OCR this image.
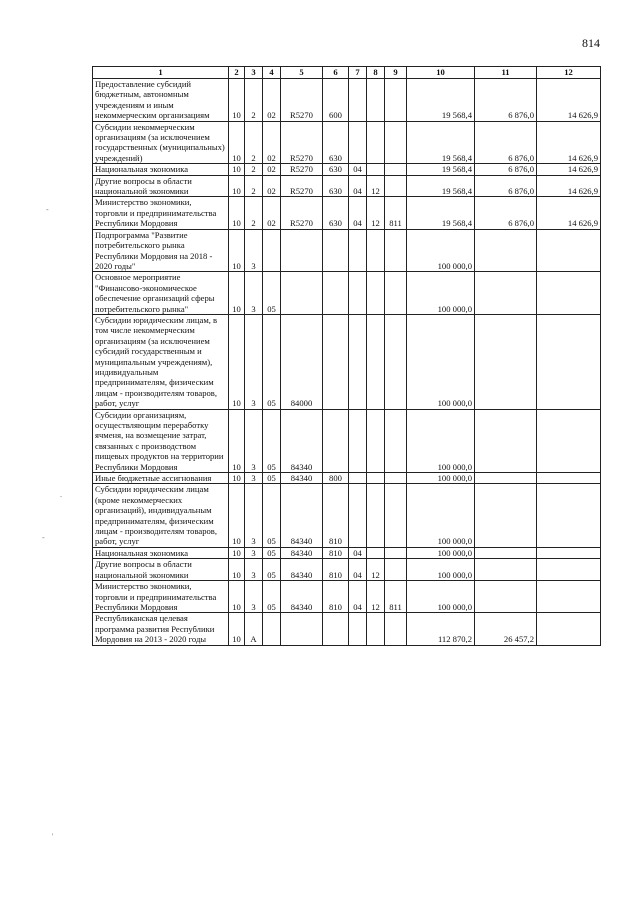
814
-
.
-
'
1	2	3	4	5	6	7	8	9	10	11	12
Предоставление субсидий бюджетным, автономным учреждениям и иным некоммерческим организациям	10	2	02	R5270	600				19 568,4	6 876,0	14 626,9
Субсидии некоммерческим организациям (за исключением государственных (муниципальных) учреждений)	10	2	02	R5270	630				19 568,4	6 876,0	14 626,9
Национальная экономика	10	2	02	R5270	630	04			19 568,4	6 876,0	14 626,9
Другие вопросы в области национальной экономики	10	2	02	R5270	630	04	12		19 568,4	6 876,0	14 626,9
Министерство экономики, торговли и предпринимательства Республики Мордовия	10	2	02	R5270	630	04	12	811	19 568,4	6 876,0	14 626,9
Подпрограмма "Развитие потребительского рынка Республики Мордовия на 2018 - 2020 годы"	10	3							100 000,0		
Основное мероприятие "Финансово-экономическое обеспечение организаций сферы потребительского рынка"	10	3	05						100 000,0		
Субсидии юридическим лицам, в том числе некоммерческим организациям (за исключением субсидий государственным и муниципальным учреждениям), индивидуальным предпринимателям, физическим лицам - производителям товаров, работ, услуг	10	3	05	84000					100 000,0		
Субсидии организациям, осуществляющим переработку ячменя, на возмещение затрат, связанных с производством пищевых продуктов на территории Республики Мордовия	10	3	05	84340					100 000,0		
Иные бюджетные ассигнования	10	3	05	84340	800				100 000,0		
Субсидии юридическим лицам (кроме некоммерческих организаций), индивидуальным предпринимателям, физическим лицам - производителям товаров, работ, услуг	10	3	05	84340	810				100 000,0		
Национальная экономика	10	3	05	84340	810	04			100 000,0		
Другие вопросы в области национальной экономики	10	3	05	84340	810	04	12		100 000,0		
Министерство экономики, торговли и предпринимательства Республики Мордовия	10	3	05	84340	810	04	12	811	100 000,0		
Республиканская целевая программа развития Республики Мордовия на 2013 - 2020 годы	10	А							112 870,2	26 457,2	
